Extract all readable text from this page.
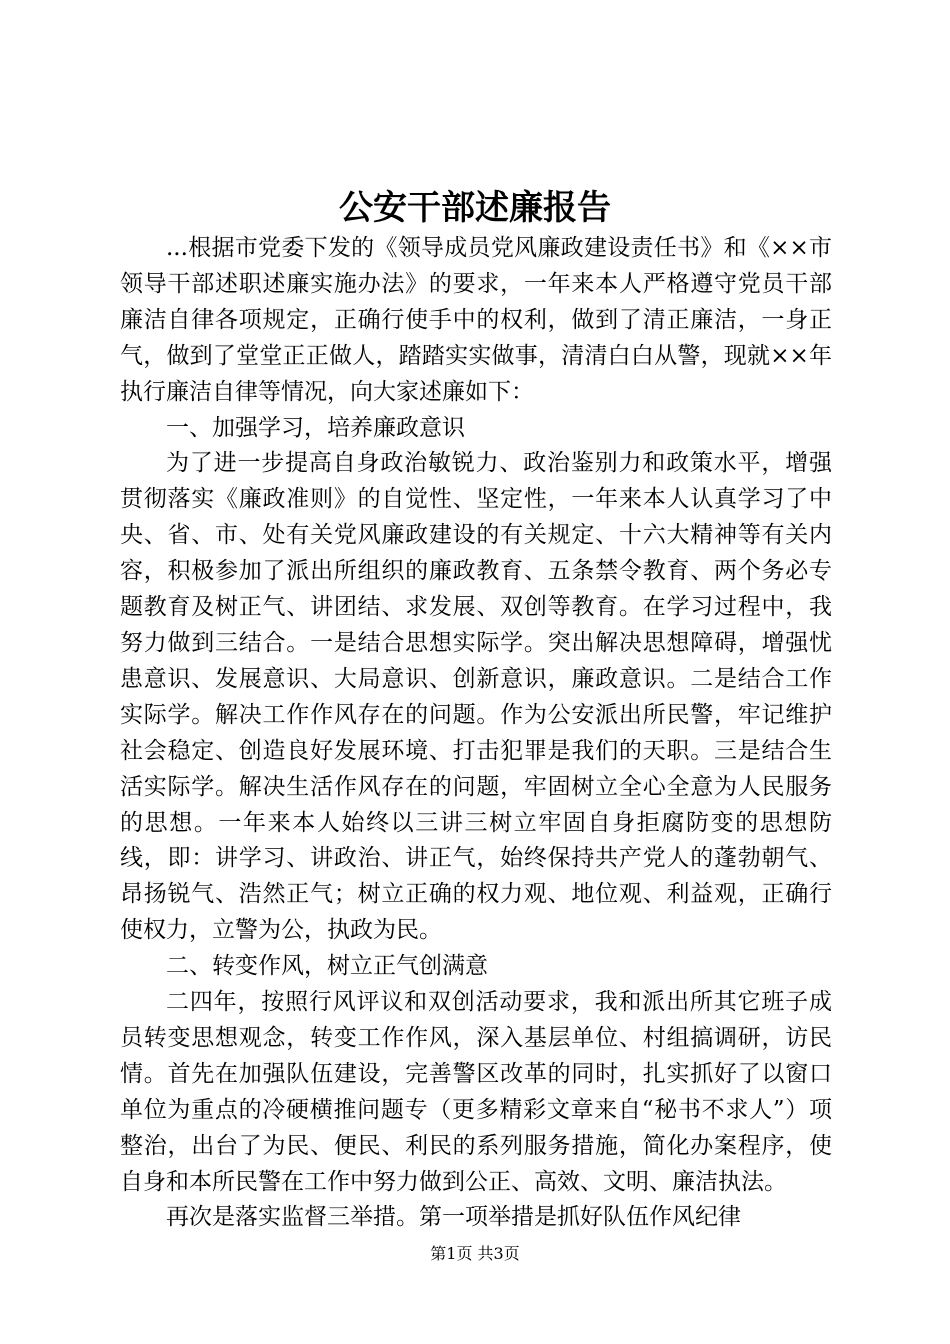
公安干部述廉报告

...根据市党委下发的《领导成员党风廉政建设责任书》和《××市领导干部述职述廉实施办法》的要求，一年来本人严格遵守党员干部廉洁自律各项规定，正确行使手中的权利，做到了清正廉洁，一身正气，做到了堂堂正正做人，踏踏实实做事，清清白白从警，现就××年执行廉洁自律等情况，向大家述廉如下：

一、加强学习，培养廉政意识

为了进一步提高自身政治敏锐力、政治鉴别力和政策水平，增强贯彻落实《廉政准则》的自觉性、坚定性，一年来本人认真学习了中央、省、市、处有关党风廉政建设的有关规定、十六大精神等有关内容，积极参加了派出所组织的廉政教育、五条禁令教育、两个务必专题教育及树正气、讲团结、求发展、双创等教育。在学习过程中，我努力做到三结合。一是结合思想实际学。突出解决思想障碍，增强忧患意识、发展意识、大局意识、创新意识，廉政意识。二是结合工作实际学。解决工作作风存在的问题。作为公安派出所民警，牢记维护社会稳定、创造良好发展环境、打击犯罪是我们的天职。三是结合生活实际学。解决生活作风存在的问题，牢固树立全心全意为人民服务的思想。一年来本人始终以三讲三树立牢固自身拒腐防变的思想防线，即：讲学习、讲政治、讲正气，始终保持共产党人的蓬勃朝气、昂扬锐气、浩然正气；树立正确的权力观、地位观、利益观，正确行使权力，立警为公，执政为民。

二、转变作风，树立正气创满意

二四年，按照行风评议和双创活动要求，我和派出所其它班子成员转变思想观念，转变工作作风，深入基层单位、村组搞调研，访民情。首先在加强队伍建设，完善警区改革的同时，扎实抓好了以窗口单位为重点的冷硬横推问题专（更多精彩文章来自“秘书不求人”）项整治，出台了为民、便民、利民的系列服务措施，简化办案程序，使自身和本所民警在工作中努力做到公正、高效、文明、廉洁执法。

再次是落实监督三举措。第一项举措是抓好队伍作风纪律

第1页 共3页
